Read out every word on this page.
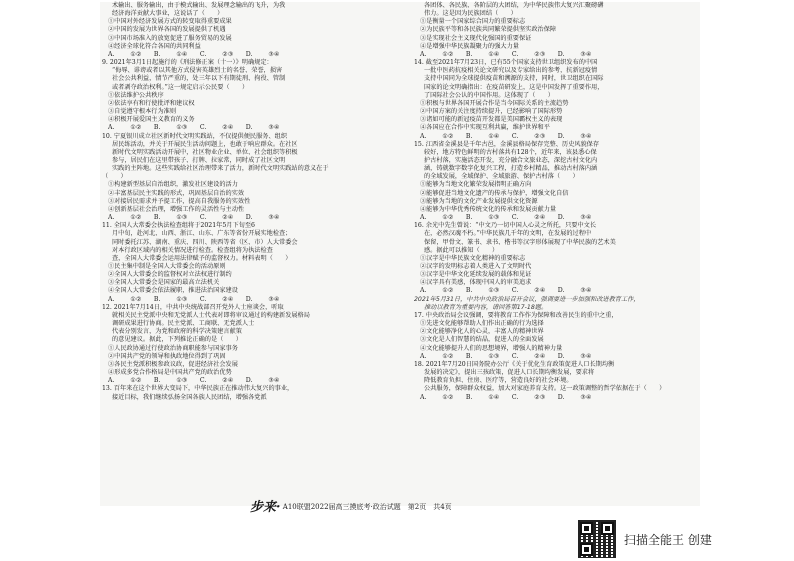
术输出、服务输出，由于模式输出、发展理念输出的飞升，为我
经济海洋贡献大事业，这说话了（　　）
①中国对外经济发展方式的转变取得重要成果
②中国的发展为世界各国的发展提供了机遇
③中国市场准入的放宽促进了服务贸易的发展
④经济全球化符合各国的共同利益
A. ①②　　B. ①④　　C. ②③　　D. ③④
9. 2021年3月1日起施行的《刑法修正案（十一）》明确规定：
“侮辱、诽谤或者以其他方式侵害英雄烈士的名誉、荣誉，损害
社会公共利益，情节严重的，处三年以下有期徒刑、拘役、管制
或者剥夺政治权利。”这一规定启示公民要（　　）
①依法维护公共秩序
②依法享有和行使批评和建议权
③自觉遵守根本行为准则
④积极开展爱国主义教育的义务
A. ①②　　B. ①③　　C. ②④　　D. ③④
10. 宁夏银川成立社区新时代文明实践站，不仅提供便民服务、组织
居民练活动，并关于开展民生活动问题上，也敢于响应群众。在社区
新时代文明实践活动开展中，社区物业企业、单位、社会组织等积极
参与，居民们在这里带孩子、打牌、拉家常，同时成了社区文明
实践的主阵地。这些实践给社区治理带来了活力，新时代文明实践站的意义在于
（　　）
①构建新型基层自治组织，激发社区建设的活力
②丰富基层民主实践的形式，巩固基层自治的实效
③对接居民需求并予提工作，提高自我服务的实效性
④创新基层社会治理，增强工作的灵活性与主动性
A. ①②　　B. ①③　　C. ②④　　D. ③④
11. 全国人大常委会执法检查组将于2021年5月下旬至6
月中旬，赴河北、山西、浙江、山东、广东等省份开展实地检查；
同时委托江苏、湖南、重庆、四川、陕西等省（区、市）人大常委会
对本行政区域内的相关情况进行检查。检查组将为执法检查
查，全国人大常委会运用法律赋予的监督权力。材料表明（　　）
①民主集中制是全国人大常委会的活动原则
②全国人大常委会的监督权对立法权进行制约
③全国人大常委会是国家的最高立法机关
④全国人大常委会依法履职，推进法治国家建设
A. ①②　　B. ①③　　C. ②④　　D. ③④
12. 2021年7月14日，中共中央统战部召开党外人士座谈会，听取
就相关民主党派中央和无党派人士代表对即将审议通过的构建新发展格局
调研成果进行协商。民主党派、工商联、无党派人士
代表分别发言，为党和政府的科学决策建言献策
的意见建议。据此，下列推论正确的是（　　）
①人民政协通过行使政治协商职能参与国家事务
②中国共产党的领导和执政地位得到了巩固
③各民主党派积极参政议政，促进经济社会发展
④形成多党合作格局是中国共产党的政治优势
A. ①②　　B. ①③　　C. ②④　　D. ③④
13. 百年来在这个世界大变局下，中华民族正在推动伟大复兴的事业，
接近目标，我们继续弘扬全国各族人民团结，增强各党派
各团体、各民族、各阶层的大团结，为中华民族伟大复兴汇聚磅礴
伟力。这是因为民族团结（　　）
①是衡量一个国家综合国力的重要标志
②为民族平等和各民族共同繁荣提供坚实政治保障
③是实现社会主义现代化强国的重要保证
④是增强中华民族凝聚力的强大力量
A. ①②　　B. ①④　　C. ②③　　D. ③④
14. 截至2021年7月23日，已有55个国家支持世卫组织发布的中国
一批中医药抗疫相关论文研究以及专家给出的参考，抗新冠疫情
支持中国同为全球提供疫苗和溯源的支持，同时，世卫组织在国际
国家的论文明确指出：在疫苗研发上，这是中国发挥了重要作用，
了国际社会公认的中国作用。这体现了（　　）
①积极与世界各国开展合作是当今国际关系的主流趋势
②中国方案的关注度持续提升，已经影响了国际形势
③诸如可能的新冠疫苗开发都是美国霸权主义的表现
④各国应在合作中实现互利共赢，维护世界和平
A. ①②　　B. ①④　　C. ②③　　D. ③④
15. 江西省金溪县是千年古邑，金溪县格局保存完整、历史风貌保存
较好，地方特色鲜明的古村落共有128个，近年来，该县悉心保
护古村落，实施活态开发，充分融合文旅业态，深挖古村文化内
涵，铸就数字数字化复兴工程，打造乡村精品，推动古村落内涵
的全域发展，全域保护、全域旅游、保护古村落（　　）
①能够为当地文化繁荣发展指明正确方向
②能够促进当地文化遗产的传承与保护，增强文化自信
③能够为当地的文化产业发展提供文化资源
④能够为中华优秀传统文化的传承和发展贡献力量
A. ①②　　B. ①③　　C. ②④　　D. ③④
16. 余光中先生曾说：“中文乃一切中国人心灵之所托，只要中文长
在，必然汉魂不朽。”中华民族几千年的文明，在发展的过程中
保留，甲骨文、篆书、隶书、楷书等汉字形体展现了中华民族的艺术美
感。据此可以推知（　　）
①汉字是中华民族文化精神的重要标志
②汉字的发明标志着人类进入了文明时代
③汉字是中华文化延续发展的载体和见证
④汉字具有美感，体现中国人的审美追求
A. ①②　　B. ①③　　C. ②④　　D. ③④
2021年5月31日，中共中央政治局召开会议，强调要进一步加强和改进教育工作，
推动以教育为重要内容，请回答第17-18题。
17. 中央政治局会议强调，要将教育工作作为保障和改善民生的重中之重，
①先进文化能够帮助人们作出正确的行为选择
②文化能够净化人的心灵，丰富人的精神世界
③文化是人们智慧的结晶，促进人的全面发展
④文化能够提升人们的思想境界，增强人的精神力量
A. ①②　　B. ①③　　C. ②④　　D. ③④
18. 2021年7月20日国务院办公厅《关于优化生育政策促进人口长期均衡
发展的决定》，提出三孩政策，促进人口长期均衡发展，要求将
降低教育负担、住房、医疗等，营造良好的社会环境。
公共服务，保障群众权益，加大对家庭养育支持。这一政策调整的哲学依据在于（　　）
A. ①②　　B. ①④　　C. ②③　　D. ③④
步来· A10联盟2022届高三摸底考·政治试题　第2页　共4页
扫描全能王 创建
